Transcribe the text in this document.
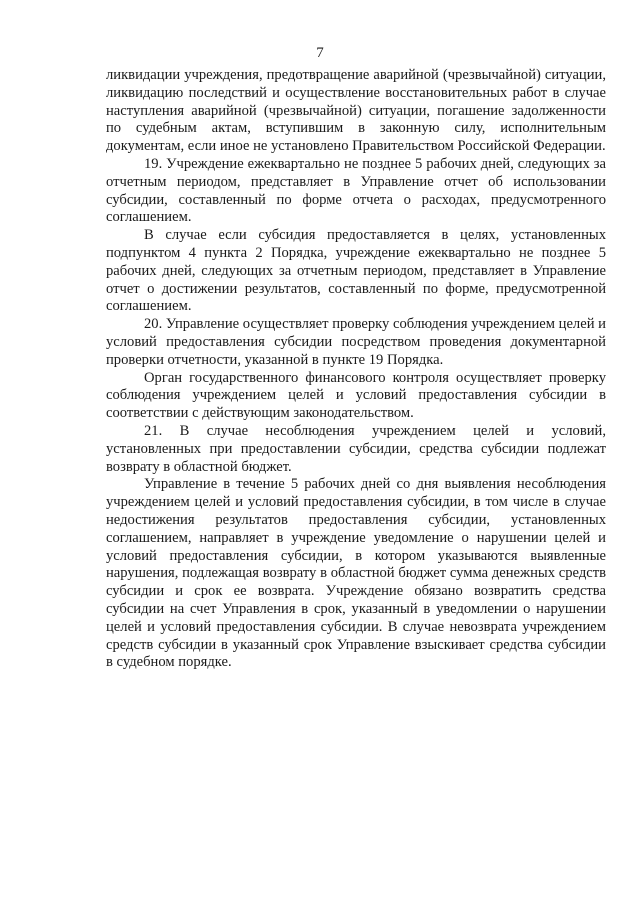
7

ликвидации учреждения, предотвращение аварийной (чрезвычайной) ситуации, ликвидацию последствий и осуществление восстановительных работ в случае наступления аварийной (чрезвычайной) ситуации, погашение задолженности по судебным актам, вступившим в законную силу, исполнительным документам, если иное не установлено Правительством Российской Федерации.

19. Учреждение ежеквартально не позднее 5 рабочих дней, следующих за отчетным периодом, представляет в Управление отчет об использовании субсидии, составленный по форме отчета о расходах, предусмотренного соглашением.

В случае если субсидия предоставляется в целях, установленных подпунктом 4 пункта 2 Порядка, учреждение ежеквартально не позднее 5 рабочих дней, следующих за отчетным периодом, представляет в Управление отчет о достижении результатов, составленный по форме, предусмотренной соглашением.

20. Управление осуществляет проверку соблюдения учреждением целей и условий предоставления субсидии посредством проведения документарной проверки отчетности, указанной в пункте 19 Порядка.

Орган государственного финансового контроля осуществляет проверку соблюдения учреждением целей и условий предоставления субсидии в соответствии с действующим законодательством.

21. В случае несоблюдения учреждением целей и условий, установленных при предоставлении субсидии, средства субсидии подлежат возврату в областной бюджет.

Управление в течение 5 рабочих дней со дня выявления несоблюдения учреждением целей и условий предоставления субсидии, в том числе в случае недостижения результатов предоставления субсидии, установленных соглашением, направляет в учреждение уведомление о нарушении целей и условий предоставления субсидии, в котором указываются выявленные нарушения, подлежащая возврату в областной бюджет сумма денежных средств субсидии и срок ее возврата. Учреждение обязано возвратить средства субсидии на счет Управления в срок, указанный в уведомлении о нарушении целей и условий предоставления субсидии. В случае невозврата учреждением средств субсидии в указанный срок Управление взыскивает средства субсидии в судебном порядке.
